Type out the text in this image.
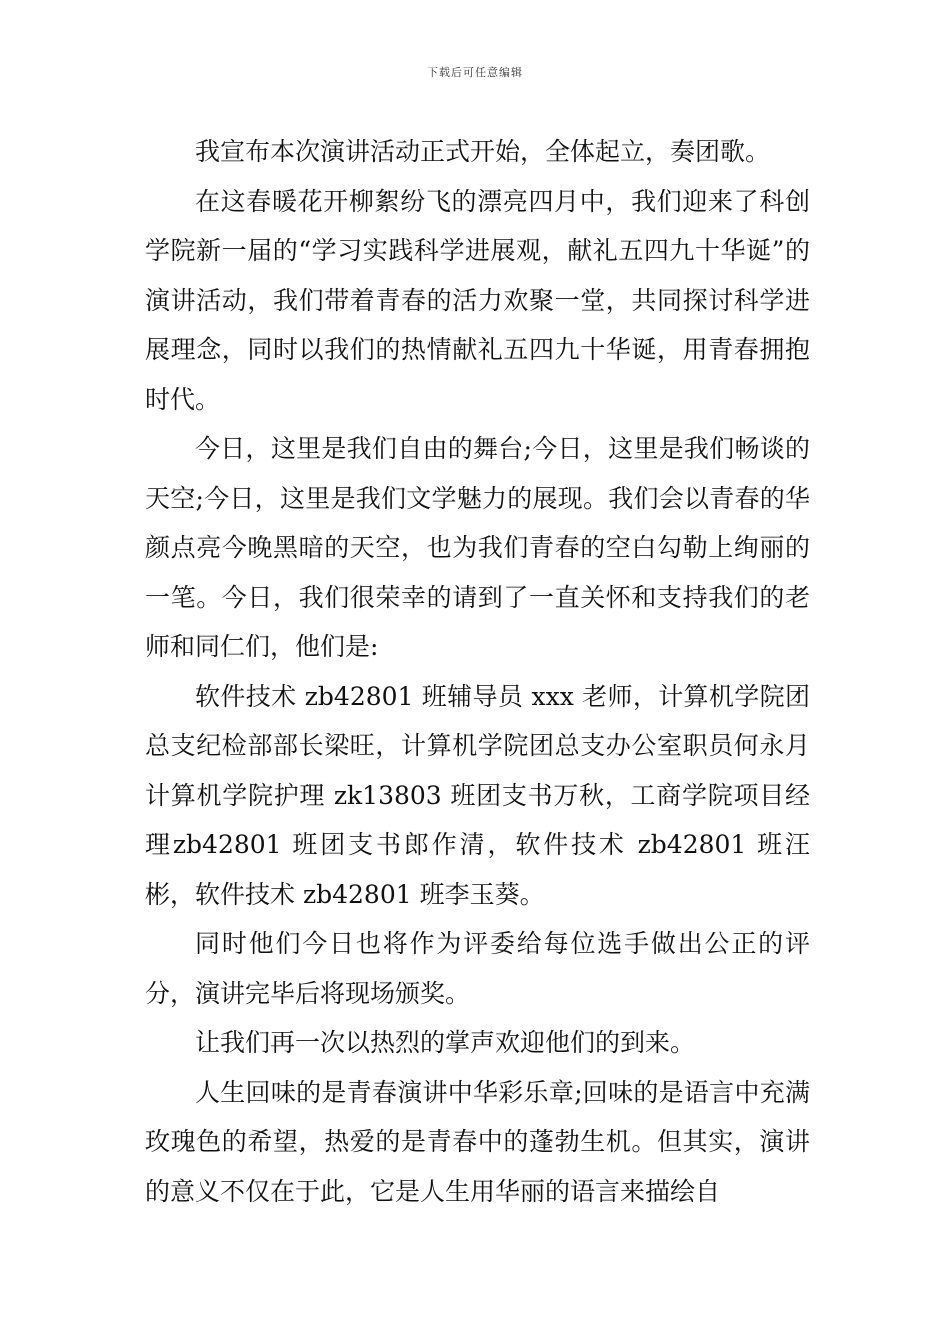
下载后可任意编辑

我宣布本次演讲活动正式开始，全体起立，奏团歌。

在这春暖花开柳絮纷飞的漂亮四月中，我们迎来了科创学院新一届的“学习实践科学进展观，献礼五四九十华诞”的演讲活动，我们带着青春的活力欢聚一堂，共同探讨科学进展理念，同时以我们的热情献礼五四九十华诞，用青春拥抱时代。

今日，这里是我们自由的舞台;今日，这里是我们畅谈的天空;今日，这里是我们文学魅力的展现。我们会以青春的华颜点亮今晚黑暗的天空，也为我们青春的空白勾勒上绚丽的一笔。今日，我们很荣幸的请到了一直关怀和支持我们的老师和同仁们，他们是:

软件技术 zb42801 班辅导员 xxx 老师，计算机学院团总支纪检部部长梁旺，计算机学院团总支办公室职员何永月计算机学院护理 zk13803 班团支书万秋，工商学院项目经理zb42801 班团支书郎作清，软件技术 zb42801 班汪彬，软件技术 zb42801 班李玉葵。

同时他们今日也将作为评委给每位选手做出公正的评分，演讲完毕后将现场颁奖。

让我们再一次以热烈的掌声欢迎他们的到来。

人生回味的是青春演讲中华彩乐章;回味的是语言中充满玫瑰色的希望，热爱的是青春中的蓬勃生机。但其实，演讲的意义不仅在于此，它是人生用华丽的语言来描绘自
